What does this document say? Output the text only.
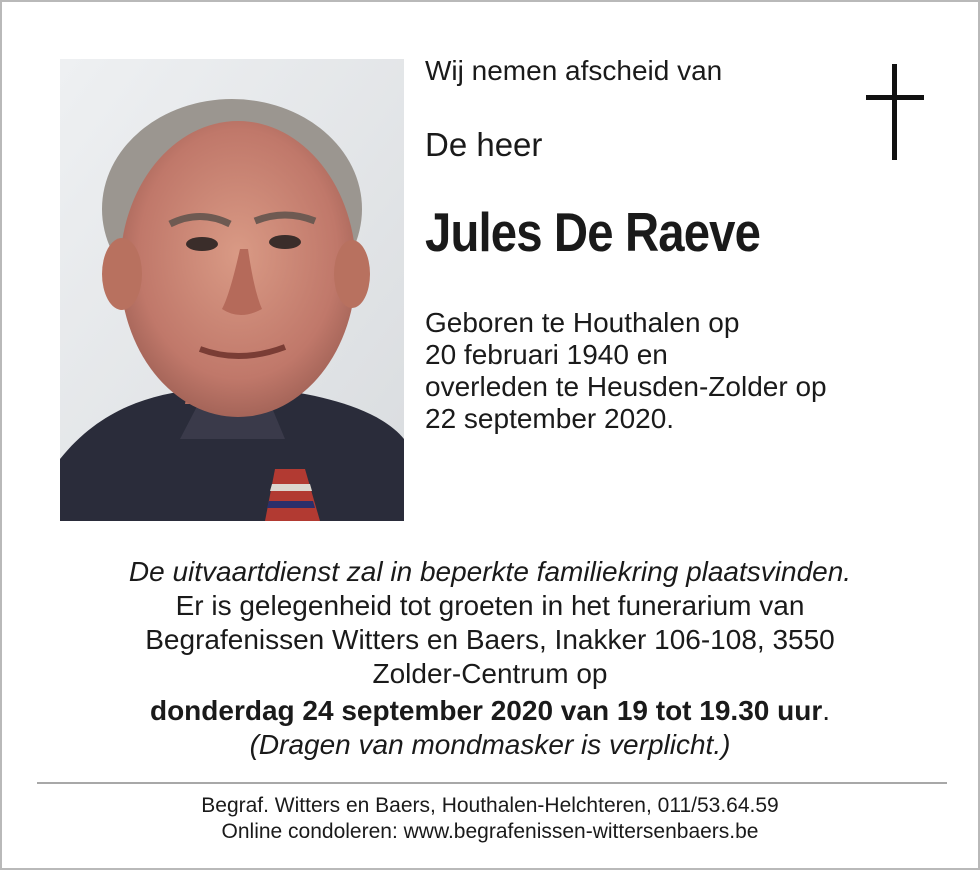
Wij nemen afscheid van
De heer
Jules De Raeve
Geboren te Houthalen op
20 februari 1940 en
overleden te Heusden-Zolder op
22 september 2020.
De uitvaartdienst zal in beperkte familiekring plaatsvinden.
Er is gelegenheid tot groeten in het funerarium van
Begrafenissen Witters en Baers, Inakker 106-108, 3550
Zolder-Centrum op
donderdag 24 september 2020 van 19 tot 19.30 uur.
(Dragen van mondmasker is verplicht.)
Begraf. Witters en Baers, Houthalen-Helchteren, 011/53.64.59
Online condoleren: www.begrafenissen-wittersenbaers.be
